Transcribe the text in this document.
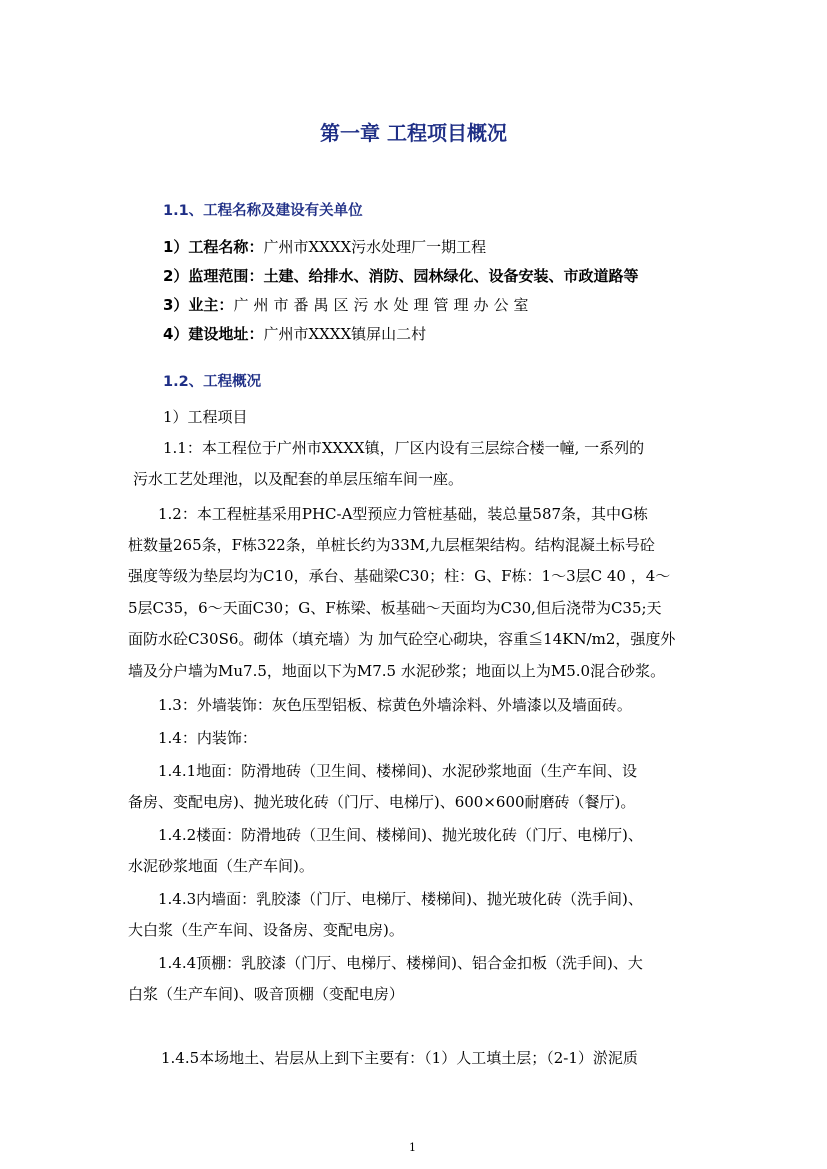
第一章 工程项目概况
1.1、工程名称及建设有关单位
1）工程名称：广州市XXXX污水处理厂一期工程
2）监理范围：土建、给排水、消防、园林绿化、设备安装、市政道路等
3）业主：广州市番禺区污水处理管理办公室
4）建设地址：广州市XXXX镇屏山二村
1.2、工程概况
1）工程项目
1.1：本工程位于广州市XXXX镇，厂区内设有三层综合楼一幢, 一系列的
污水工艺处理池，以及配套的单层压缩车间一座。
1.2：本工程桩基采用PHC-A型预应力管桩基础，装总量587条，其中G栋
桩数量265条，F栋322条，单桩长约为33M,九层框架结构。结构混凝土标号砼
强度等级为垫层均为C10，承台、基础梁C30；柱：G、F栋：1～3层C 40 ，4～
5层C35，6～天面C30；G、F栋梁、板基础～天面均为C30,但后浇带为C35;天
面防水砼C30S6。砌体（填充墙）为 加气砼空心砌块，容重≦14KN/m2，强度外
墙及分户墙为Mu7.5，地面以下为M7.5 水泥砂浆；地面以上为M5.0混合砂浆。
1.3：外墙装饰：灰色压型铝板、棕黄色外墙涂料、外墙漆以及墙面砖。
1.4：内装饰：
1.4.1地面：防滑地砖（卫生间、楼梯间)、水泥砂浆地面（生产车间、设
备房、变配电房)、抛光玻化砖（门厅、电梯厅)、600×600耐磨砖（餐厅)。
1.4.2楼面：防滑地砖（卫生间、楼梯间)、抛光玻化砖（门厅、电梯厅)、
水泥砂浆地面（生产车间)。
1.4.3内墙面：乳胶漆（门厅、电梯厅、楼梯间)、抛光玻化砖（洗手间)、
大白浆（生产车间、设备房、变配电房)。
1.4.4顶棚：乳胶漆（门厅、电梯厅、楼梯间)、铝合金扣板（洗手间)、大
白浆（生产车间)、吸音顶棚（变配电房）
1.4.5本场地土、岩层从上到下主要有：（1）人工填土层；（2-1）淤泥质
1
